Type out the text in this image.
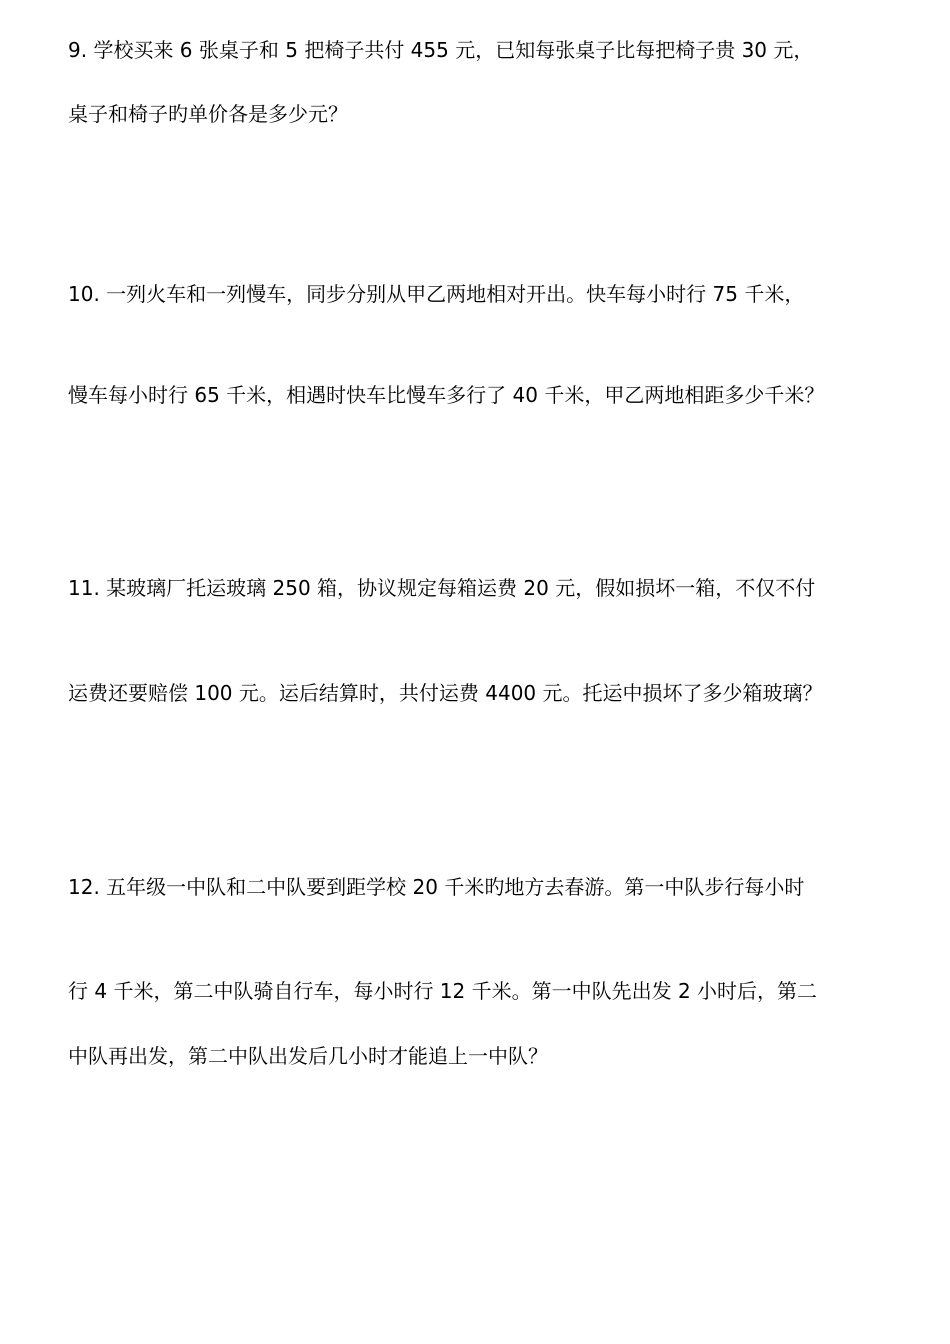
9. 学校买来 6 张桌子和 5 把椅子共付 455 元，已知每张桌子比每把椅子贵 30 元，
桌子和椅子旳单价各是多少元？
10. 一列火车和一列慢车，同步分别从甲乙两地相对开出。快车每小时行 75 千米，
慢车每小时行 65 千米，相遇时快车比慢车多行了 40 千米，甲乙两地相距多少千米？
11. 某玻璃厂托运玻璃 250 箱，协议规定每箱运费 20 元，假如损坏一箱，不仅不付
运费还要赔偿 100 元。运后结算时，共付运费 4400 元。托运中损坏了多少箱玻璃？
12. 五年级一中队和二中队要到距学校 20 千米旳地方去春游。第一中队步行每小时
行 4 千米，第二中队骑自行车，每小时行 12 千米。第一中队先出发 2 小时后，第二
中队再出发，第二中队出发后几小时才能追上一中队？
